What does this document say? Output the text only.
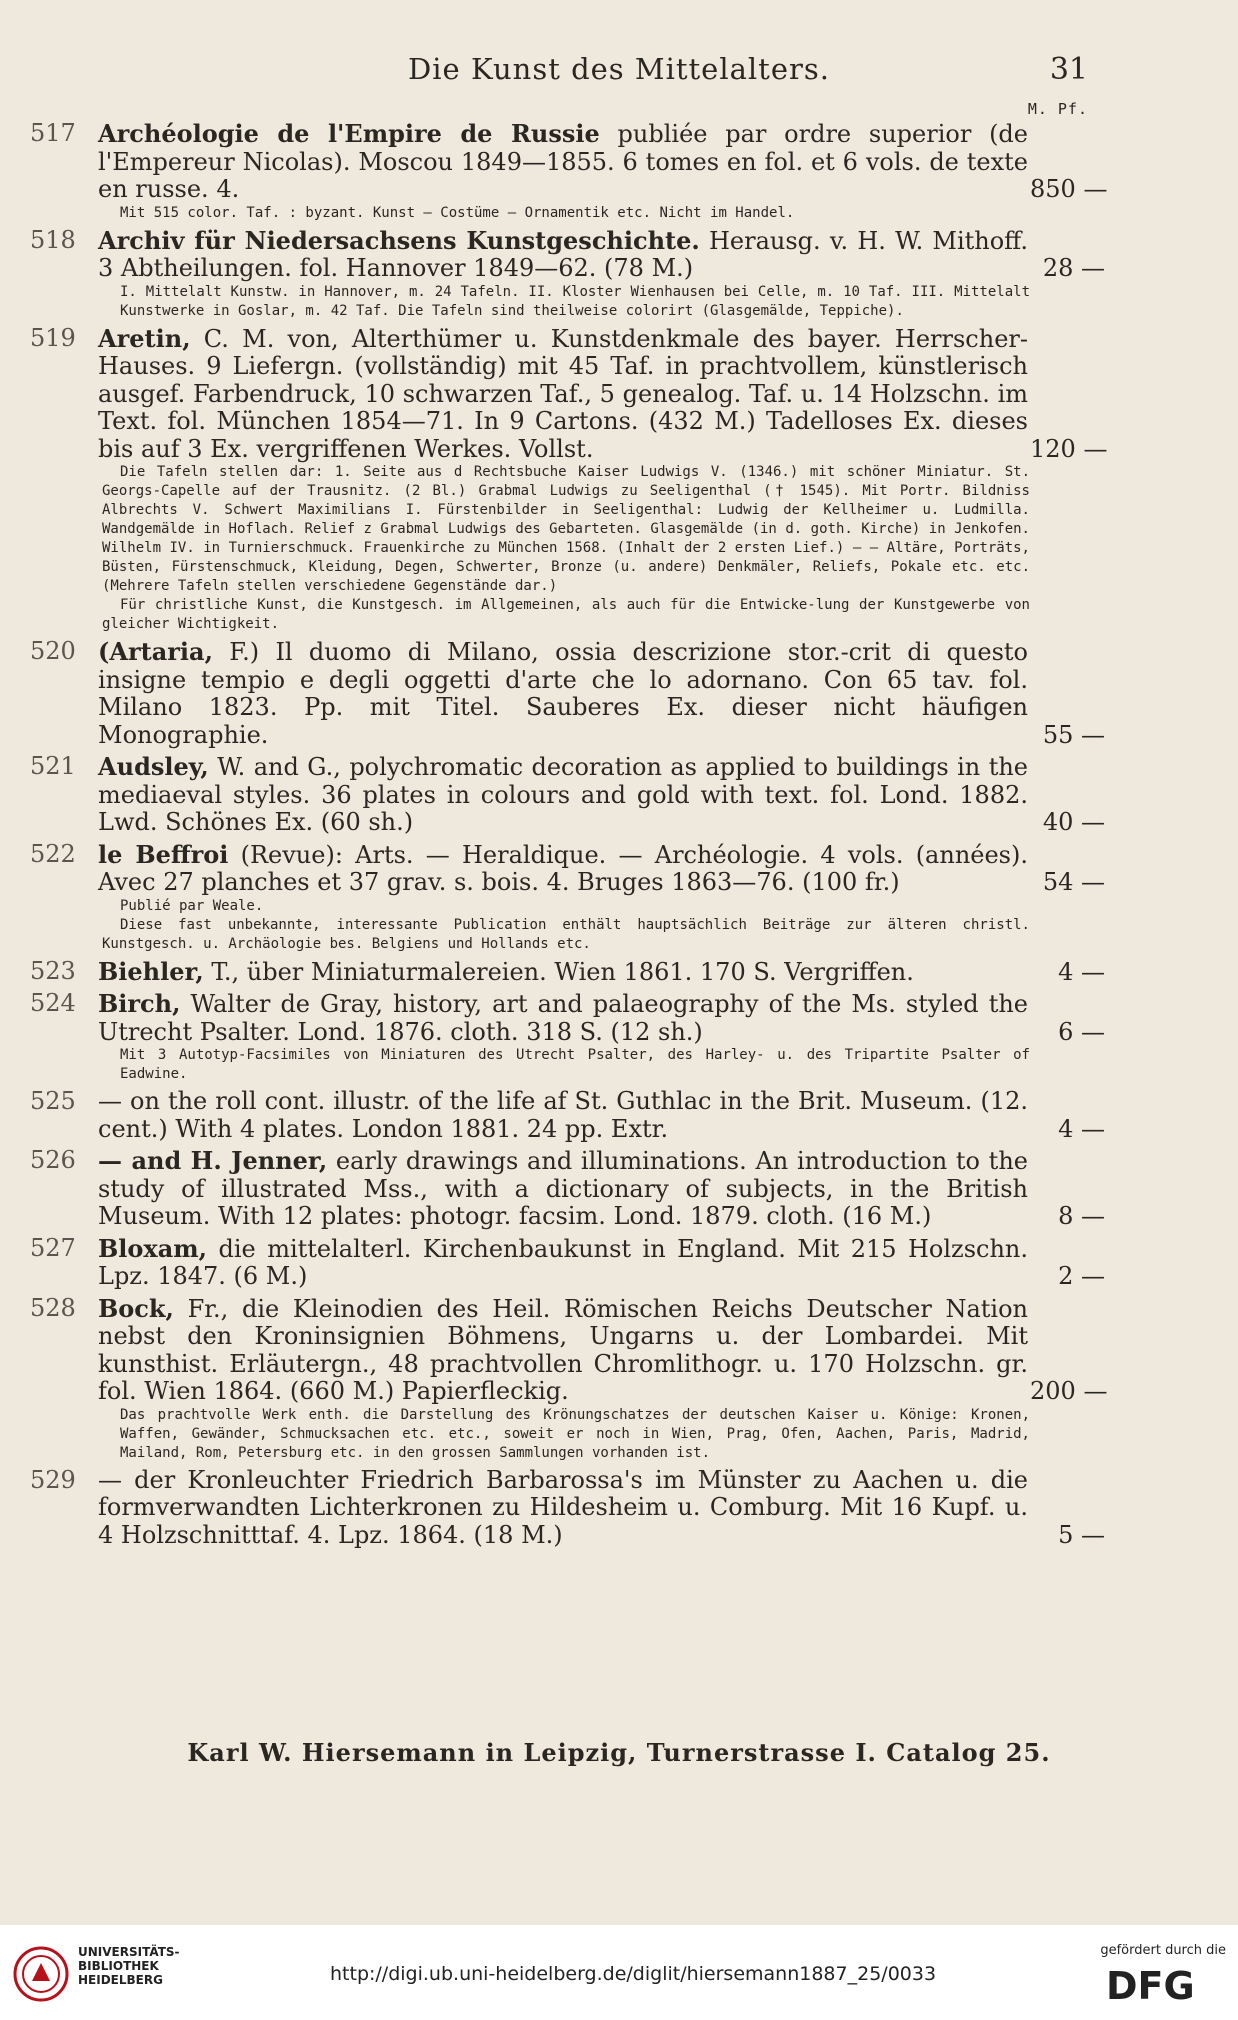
Die Kunst des Mittelalters.	31
M. Pf.
517 Archéologie de l'Empire de Russie publiée par ordre superior (de l'Empereur Nicolas). Moscou 1849—1855. 6 tomes en fol. et 6 vols. de texte en russe. 4.	850 —
Mit 515 color. Taf. : byzant. Kunst — Costüme — Ornamentik etc. Nicht im Handel.
518 Archiv für Niedersachsens Kunstgeschichte. Herausg. v. H. W. Mithoff. 3 Abtheilungen. fol. Hannover 1849—62. (78 M.)	28 —
I. Mittelalt Kunstw. in Hannover, m. 24 Tafeln. II. Kloster Wienhausen bei Celle, m. 10 Taf. III. Mittelalt Kunstwerke in Goslar, m. 42 Taf. Die Tafeln sind theilweise colorirt (Glasgemälde, Teppiche).
519 Aretin, C. M. von, Alterthümer u. Kunstdenkmale des bayer. Herrscher-Hauses. 9 Liefergn. (vollständig) mit 45 Taf. in prachtvollem, künstlerisch ausgef. Farbendruck, 10 schwarzen Taf., 5 genealog. Taf. u. 14 Holzschn. im Text. fol. München 1854—71. In 9 Cartons. (432 M.) Tadelloses Ex. dieses bis auf 3 Ex. vergriffenen Werkes. Vollst.	120 —
Die Tafeln stellen dar: 1. Seite aus d Rechtsbuche Kaiser Ludwigs V. (1346.) mit schöner Miniatur. St. Georgs-Capelle auf der Trausnitz. (2 Bl.) Grabmal Ludwigs zu Seeligenthal († 1545). Mit Portr. Bildniss Albrechts V. Schwert Maximilians I. Fürstenbilder in Seeligenthal: Ludwig der Kellheimer u. Ludmilla. Wandgemälde in Hoflach. Relief z Grabmal Ludwigs des Gebarteten. Glasgemälde (in d. goth. Kirche) in Jenkofen. Wilhelm IV. in Turnierschmuck. Frauenkirche zu München 1568. (Inhalt der 2 ersten Lief.) — — Altäre, Porträts, Büsten, Fürstenschmuck, Kleidung, Degen, Schwerter, Bronze (u. andere) Denkmäler, Reliefs, Pokale etc. etc. (Mehrere Tafeln stellen verschiedene Gegenstände dar.)
Für christliche Kunst, die Kunstgesch. im Allgemeinen, als auch für die Entwicke-lung der Kunstgewerbe von gleicher Wichtigkeit.
520 (Artaria, F.) Il duomo di Milano, ossia descrizione stor.-crit di questo insigne tempio e degli oggetti d'arte che lo adornano. Con 65 tav. fol. Milano 1823. Pp. mit Titel. Sauberes Ex. dieser nicht häufigen Monographie.	55 —
521 Audsley, W. and G., polychromatic decoration as applied to buildings in the mediaeval styles. 36 plates in colours and gold with text. fol. Lond. 1882. Lwd. Schönes Ex. (60 sh.)	40 —
522 le Beffroi (Revue): Arts. — Heraldique. — Archéologie. 4 vols. (années). Avec 27 planches et 37 grav. s. bois. 4. Bruges 1863—76. (100 fr.)	54 —
Publié par Weale.
Diese fast unbekannte, interessante Publication enthält hauptsächlich Beiträge zur älteren christl. Kunstgesch. u. Archäologie bes. Belgiens und Hollands etc.
523 Biehler, T., über Miniaturmalereien. Wien 1861. 170 S. Vergriffen.	4 —
524 Birch, Walter de Gray, history, art and palaeography of the Ms. styled the Utrecht Psalter. Lond. 1876. cloth. 318 S. (12 sh.)	6 —
Mit 3 Autotyp-Facsimiles von Miniaturen des Utrecht Psalter, des Harley- u. des Tripartite Psalter of Eadwine.
525 — on the roll cont. illustr. of the life af St. Guthlac in the Brit. Museum. (12. cent.) With 4 plates. London 1881. 24 pp. Extr.	4 —
526 — and H. Jenner, early drawings and illuminations. An introduction to the study of illustrated Mss., with a dictionary of subjects, in the British Museum. With 12 plates: photogr. facsim. Lond. 1879. cloth. (16 M.)	8 —
527 Bloxam, die mittelalterl. Kirchenbaukunst in England. Mit 215 Holzschn. Lpz. 1847. (6 M.)	2 —
528 Bock, Fr., die Kleinodien des Heil. Römischen Reichs Deutscher Nation nebst den Kroninsignien Böhmens, Ungarns u. der Lombardei. Mit kunsthist. Erläutergn., 48 prachtvollen Chromlithogr. u. 170 Holzschn. gr. fol. Wien 1864. (660 M.) Papierfleckig.	200 —
Das prachtvolle Werk enth. die Darstellung des Krönungschatzes der deutschen Kaiser u. Könige: Kronen, Waffen, Gewänder, Schmucksachen etc. etc., soweit er noch in Wien, Prag, Ofen, Aachen, Paris, Madrid, Mailand, Rom, Petersburg etc. in den grossen Sammlungen vorhanden ist.
529 — der Kronleuchter Friedrich Barbarossa's im Münster zu Aachen u. die formverwandten Lichterkronen zu Hildesheim u. Comburg. Mit 16 Kupf. u. 4 Holzschnitttaf. 4. Lpz. 1864. (18 M.)	5 —
Karl W. Hiersemann in Leipzig, Turnerstrasse I. Catalog 25.
UNIVERSITÄTS-
BIBLIOTHEK
HEIDELBERG	http://digi.ub.uni-heidelberg.de/diglit/hiersemann1887_25/0033
gefördert durch die
DFG
